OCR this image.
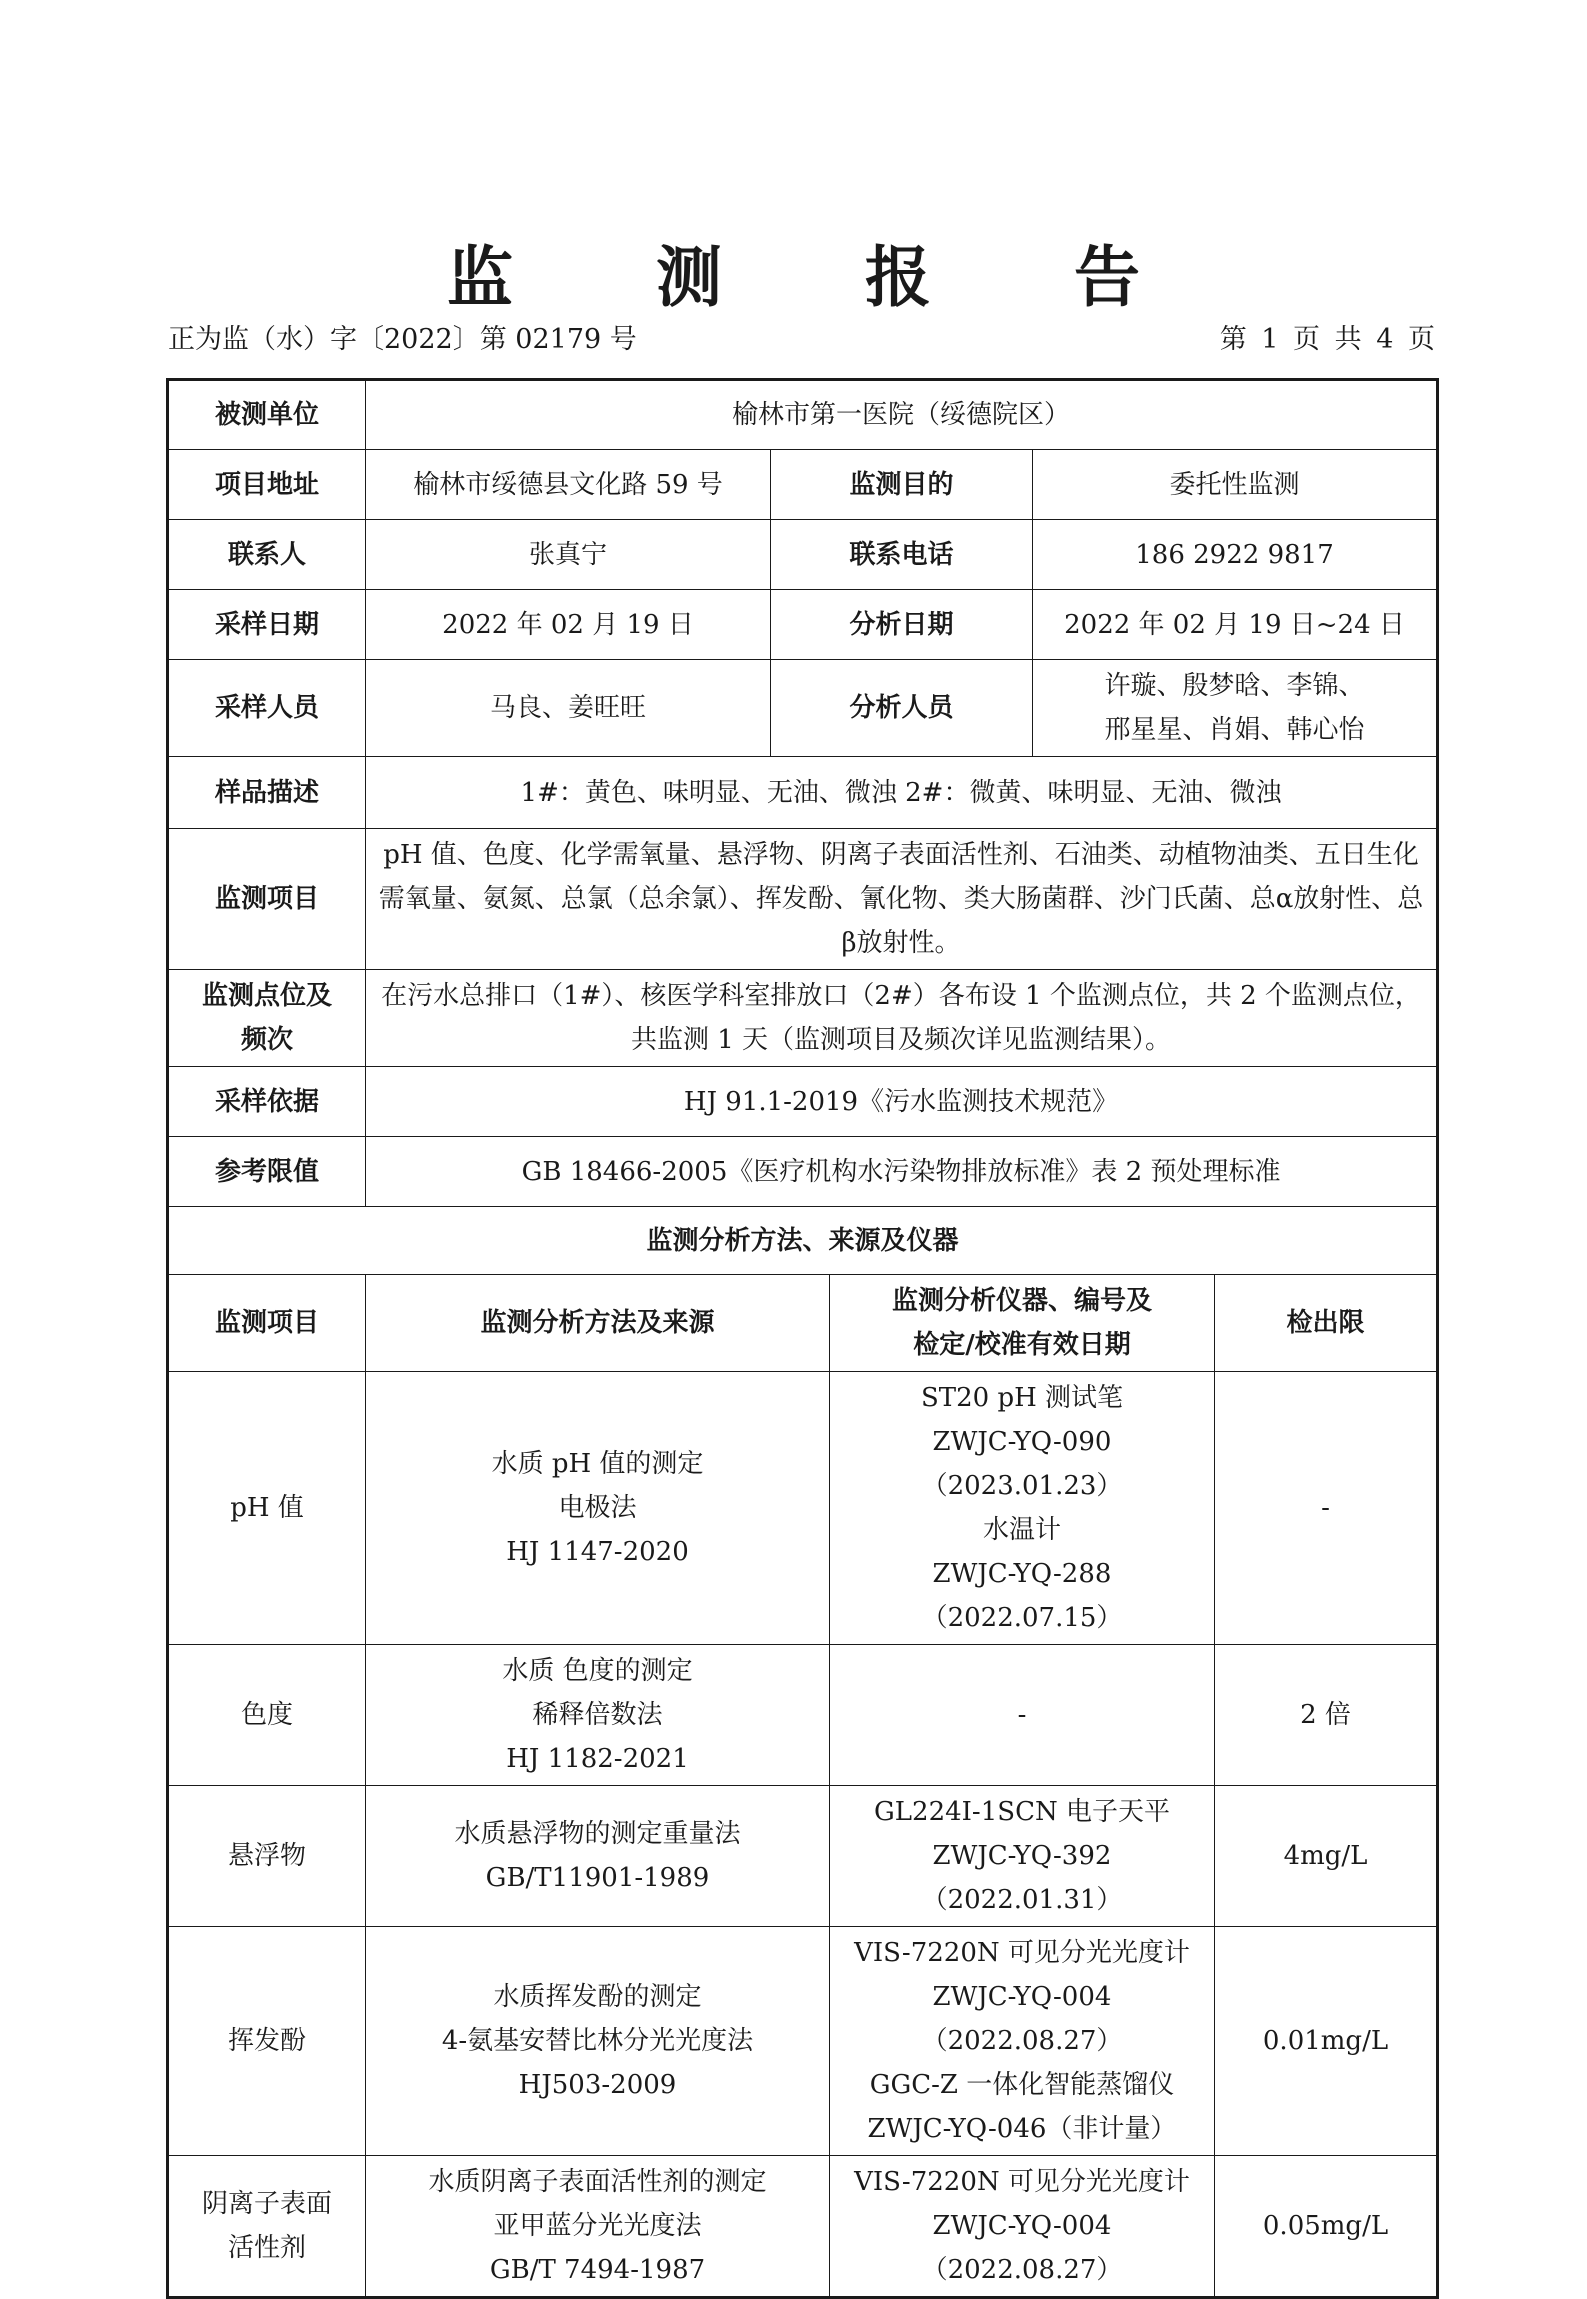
监 测 报 告
正为监（水）字〔2022〕第 02179 号	第 1 页 共 4 页
被测单位	榆林市第一医院（绥德院区）				
项目地址	榆林市绥德县文化路 59 号	监测目的		委托性监测	
联系人	张真宁	联系电话		186 2922 9817	
采样日期	2022 年 02 月 19 日	分析日期		2022 年 02 月 19 日~24 日	
采样人员	马良、姜旺旺	分析人员		许璇、殷梦晗、李锦、
邢星星、肖娟、韩心怡	

样品描述	1#：黄色、味明显、无油、微浊 2#：微黄、味明显、无油、微浊				
监测项目	pH 值、色度、化学需氧量、悬浮物、阴离子表面活性剂、石油类、动植物油类、五日生化需氧量、氨氮、总氯（总余氯）、挥发酚、氰化物、类大肠菌群、沙门氏菌、总α放射性、总β放射性。				

监测点位及
频次	在污水总排口（1#）、核医学科室排放口（2#）各布设 1 个监测点位，共 2 个监测点位，共监测 1 天（监测项目及频次详见监测结果）。				
采样依据	HJ 91.1-2019《污水监测技术规范》				
参考限值	GB 18466-2005《医疗机构水污染物排放标准》表 2 预处理标准				
监测分析方法、来源及仪器					
监测项目	监测分析方法及来源		监测分析仪器、编号及
检定/校准有效日期		检出限

pH 值	水质 pH 值的测定
电极法
HJ 1147-2020		ST20 pH 测试笔
ZWJC-YQ-090（2023.01.23）
水温计
ZWJC-YQ-288（2022.07.15）		-

色度	水质 色度的测定
稀释倍数法
HJ 1182-2021		-		2 倍

悬浮物	水质悬浮物的测定重量法
GB/T11901-1989		GL224I-1SCN 电子天平
ZWJC-YQ-392（2022.01.31）		4mg/L

挥发酚	水质挥发酚的测定
4-氨基安替比林分光光度法
HJ503-2009		VIS-7220N 可见分光光度计
ZWJC-YQ-004（2022.08.27）
GGC-Z 一体化智能蒸馏仪
ZWJC-YQ-046（非计量）		0.01mg/L

阴离子表面
活性剂	水质阴离子表面活性剂的测定
亚甲蓝分光光度法
GB/T 7494-1987		VIS-7220N 可见分光光度计
ZWJC-YQ-004（2022.08.27）		0.05mg/L
